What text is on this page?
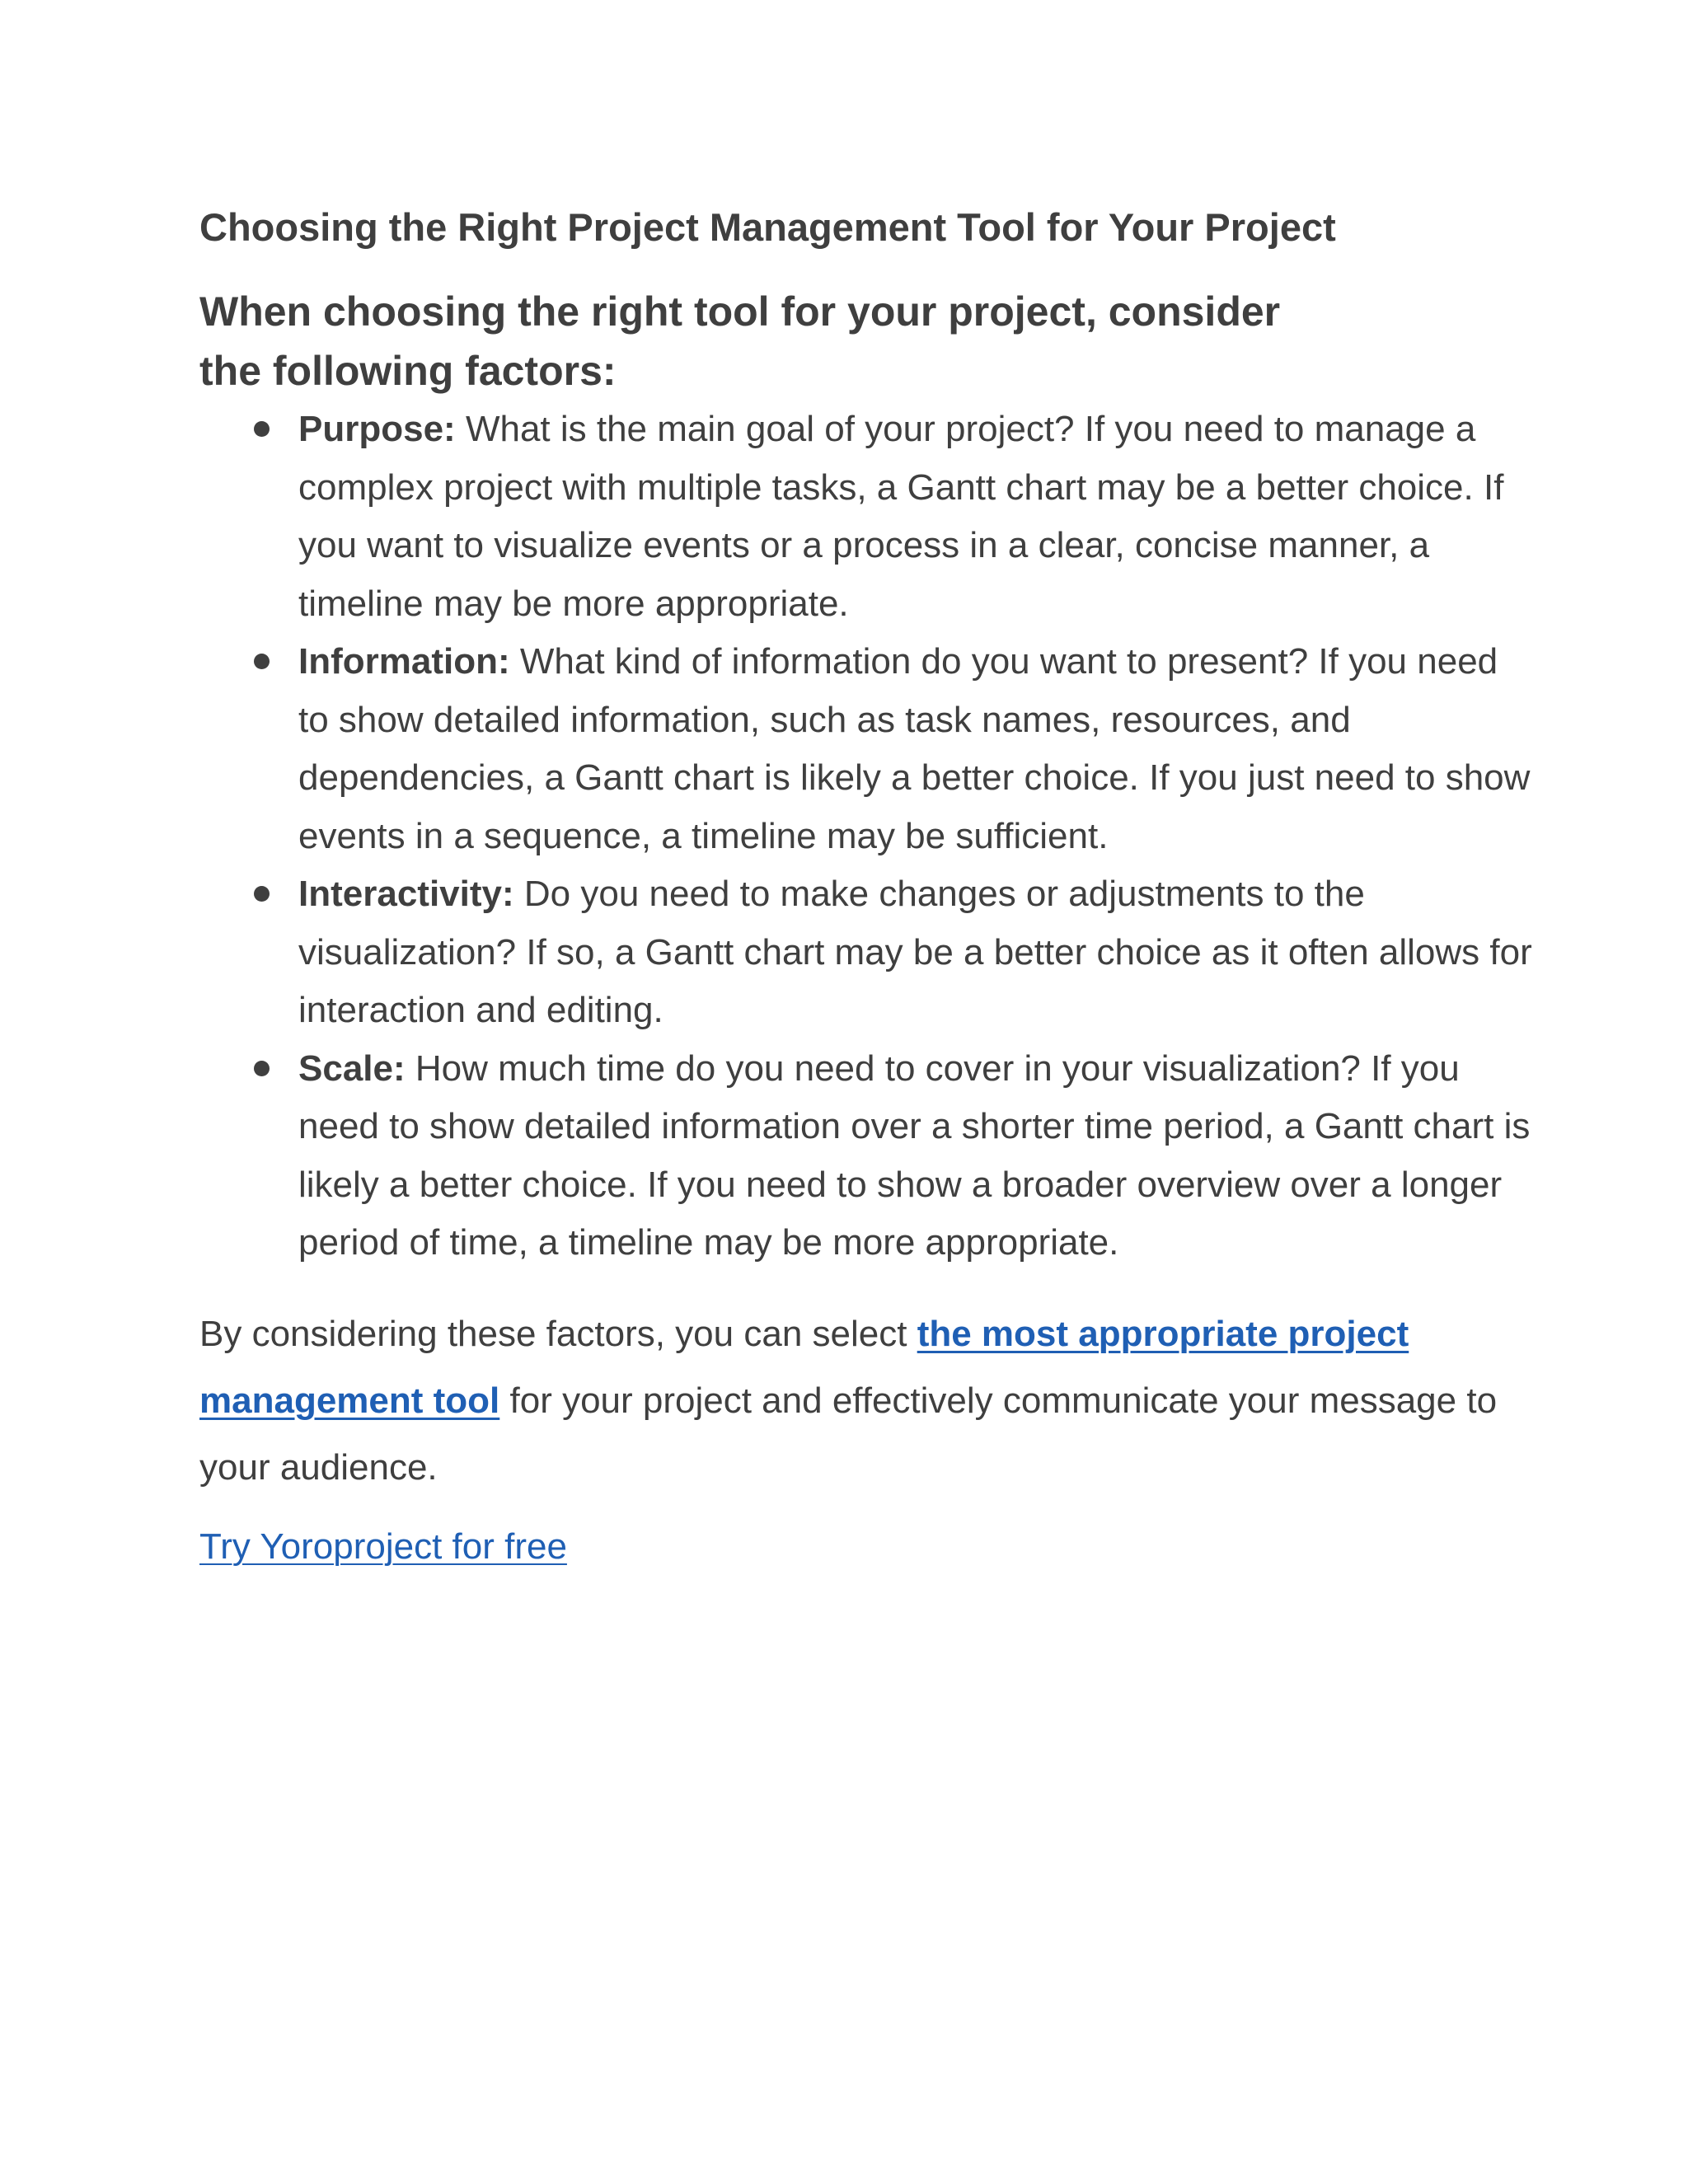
Choosing the Right Project Management Tool for Your Project
When choosing the right tool for your project, consider the following factors:
Purpose: What is the main goal of your project? If you need to manage a complex project with multiple tasks, a Gantt chart may be a better choice. If you want to visualize events or a process in a clear, concise manner, a timeline may be more appropriate.
Information: What kind of information do you want to present? If you need to show detailed information, such as task names, resources, and dependencies, a Gantt chart is likely a better choice. If you just need to show events in a sequence, a timeline may be sufficient.
Interactivity: Do you need to make changes or adjustments to the visualization? If so, a Gantt chart may be a better choice as it often allows for interaction and editing.
Scale: How much time do you need to cover in your visualization? If you need to show detailed information over a shorter time period, a Gantt chart is likely a better choice. If you need to show a broader overview over a longer period of time, a timeline may be more appropriate.

By considering these factors, you can select the most appropriate project management tool for your project and effectively communicate your message to your audience.

Try Yoroproject for free
